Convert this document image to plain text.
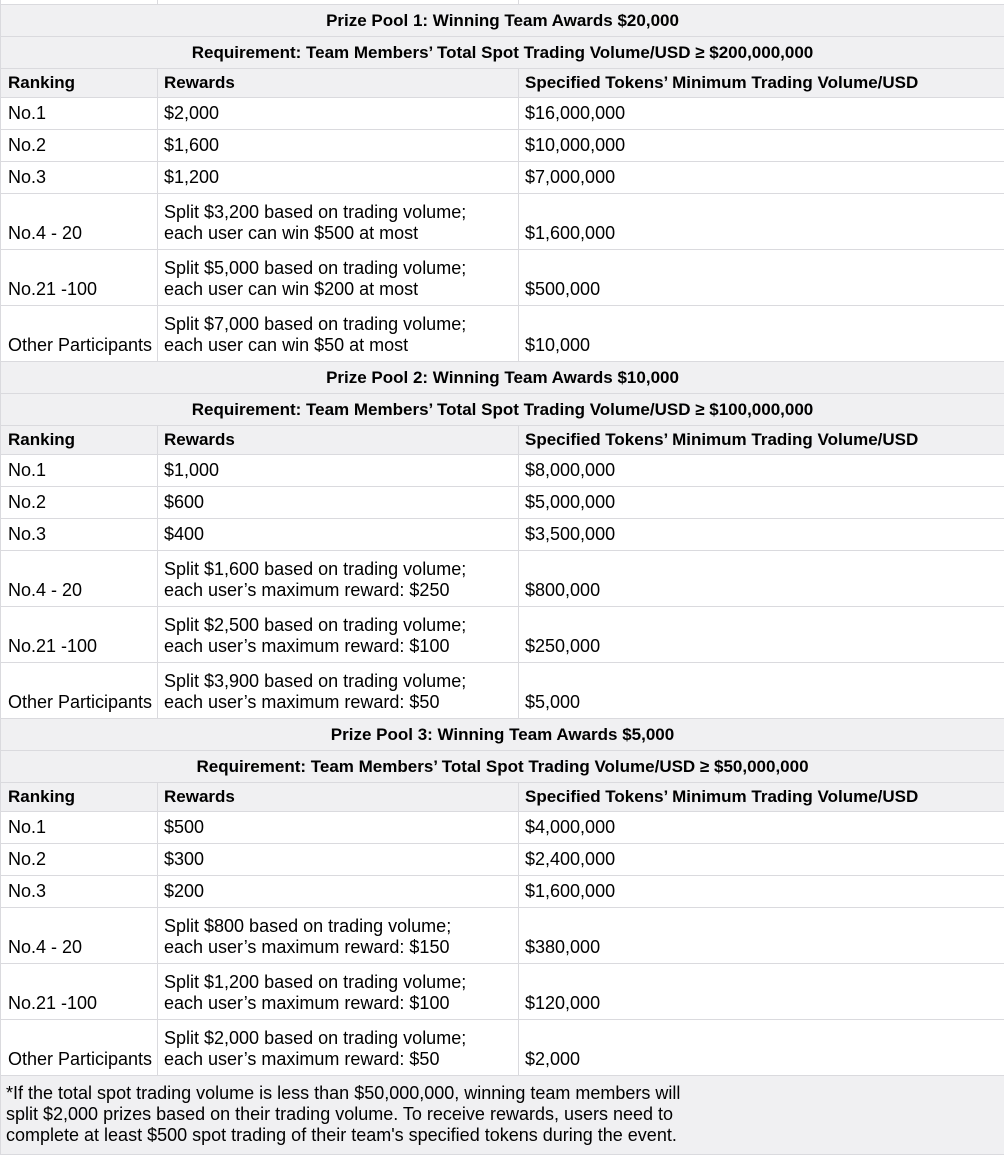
Prize Pool 1: Winning Team Awards $20,000		
Requirement: Team Members’ Total Spot Trading Volume/USD ≥ $200,000,000		
Ranking	Rewards	Specified Tokens’ Minimum Trading Volume/USD
No.1	$2,000	$16,000,000
No.2	$1,600	$10,000,000
No.3	$1,200	$7,000,000
No.4 - 20	Split $3,200 based on trading volume;
each user can win $500 at most	$1,600,000
No.21 -100	Split $5,000 based on trading volume;
each user can win $200 at most	$500,000
Other Participants	Split $7,000 based on trading volume;
each user can win $50 at most	$10,000
Prize Pool 2: Winning Team Awards $10,000		
Requirement: Team Members’ Total Spot Trading Volume/USD ≥ $100,000,000		
Ranking	Rewards	Specified Tokens’ Minimum Trading Volume/USD
No.1	$1,000	$8,000,000
No.2	$600	$5,000,000
No.3	$400	$3,500,000
No.4 - 20	Split $1,600 based on trading volume;
each user’s maximum reward: $250	$800,000
No.21 -100	Split $2,500 based on trading volume;
each user’s maximum reward: $100	$250,000
Other Participants	Split $3,900 based on trading volume;
each user’s maximum reward: $50	$5,000
Prize Pool 3: Winning Team Awards $5,000		
Requirement: Team Members’ Total Spot Trading Volume/USD ≥ $50,000,000		
Ranking	Rewards	Specified Tokens’ Minimum Trading Volume/USD
No.1	$500	$4,000,000
No.2	$300	$2,400,000
No.3	$200	$1,600,000
No.4 - 20	Split $800 based on trading volume;
each user’s maximum reward: $150	$380,000
No.21 -100	Split $1,200 based on trading volume;
each user’s maximum reward: $100	$120,000
Other Participants	Split $2,000 based on trading volume;
each user’s maximum reward: $50	$2,000
*If the total spot trading volume is less than $50,000,000, winning team members will
split $2,000 prizes based on their trading volume. To receive rewards, users need to
complete at least $500 spot trading of their team's specified tokens during the event.		
